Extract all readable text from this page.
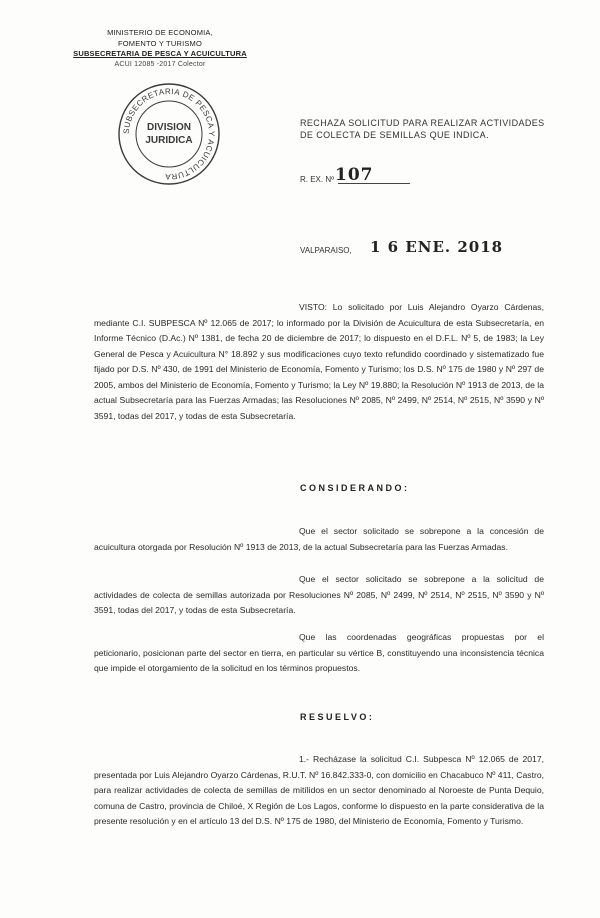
MINISTERIO DE ECONOMIA,
FOMENTO Y TURISMO
SUBSECRETARIA DE PESCA Y ACUICULTURA
ACUI 12085 -2017 Colector
SUBSECRETARIA DE PESCA Y ACUICULTURA
DIVISION
JURIDICA
RECHAZA SOLICITUD PARA REALIZAR ACTIVIDADES DE COLECTA DE SEMILLAS QUE INDICA.
R. EX. Nº 107
VALPARAISO, 1 6 ENE. 2018
VISTO: Lo solicitado por Luis Alejandro Oyarzo Cárdenas, mediante C.I. SUBPESCA Nº 12.065 de 2017; lo informado por la División de Acuicultura de esta Subsecretaría, en Informe Técnico (D.Ac.) Nº 1381, de fecha 20 de diciembre de 2017; lo dispuesto en el D.F.L. Nº 5, de 1983; la Ley General de Pesca y Acuicultura N° 18.892 y sus modificaciones cuyo texto refundido coordinado y sistematizado fue fijado por D.S. Nº 430, de 1991 del Ministerio de Economía, Fomento y Turismo; los D.S. Nº 175 de 1980 y Nº 297 de 2005, ambos del Ministerio de Economía, Fomento y Turismo; la Ley Nº 19.880; la Resolución Nº 1913 de 2013, de la actual Subsecretaría para las Fuerzas Armadas; las Resoluciones Nº 2085, Nº 2499, Nº 2514, Nº 2515, Nº 3590 y Nº 3591, todas del 2017, y todas de esta Subsecretaría.
CONSIDERANDO:
Que el sector solicitado se sobrepone a la concesión de acuicultura otorgada por Resolución Nº 1913 de 2013, de la actual Subsecretaría para las Fuerzas Armadas.
Que el sector solicitado se sobrepone a la solicitud de actividades de colecta de semillas autorizada por Resoluciones Nº 2085, Nº 2499, Nº 2514, Nº 2515, Nº 3590 y Nº 3591, todas del 2017, y todas de esta Subsecretaría.
Que las coordenadas geográficas propuestas por el peticionario, posicionan parte del sector en tierra, en particular su vértice B, constituyendo una inconsistencia técnica que impide el otorgamiento de la solicitud en los términos propuestos.
RESUELVO:
1.- Recházase la solicitud C.I. Subpesca Nº 12.065 de 2017, presentada por Luis Alejandro Oyarzo Cárdenas, R.U.T. Nº 16.842.333-0, con domicilio en Chacabuco Nº 411, Castro, para realizar actividades de colecta de semillas de mitílidos en un sector denominado al Noroeste de Punta Dequio, comuna de Castro, provincia de Chiloé, X Región de Los Lagos, conforme lo dispuesto en la parte considerativa de la presente resolución y en el artículo 13 del D.S. Nº 175 de 1980, del Ministerio de Economía, Fomento y Turismo.
